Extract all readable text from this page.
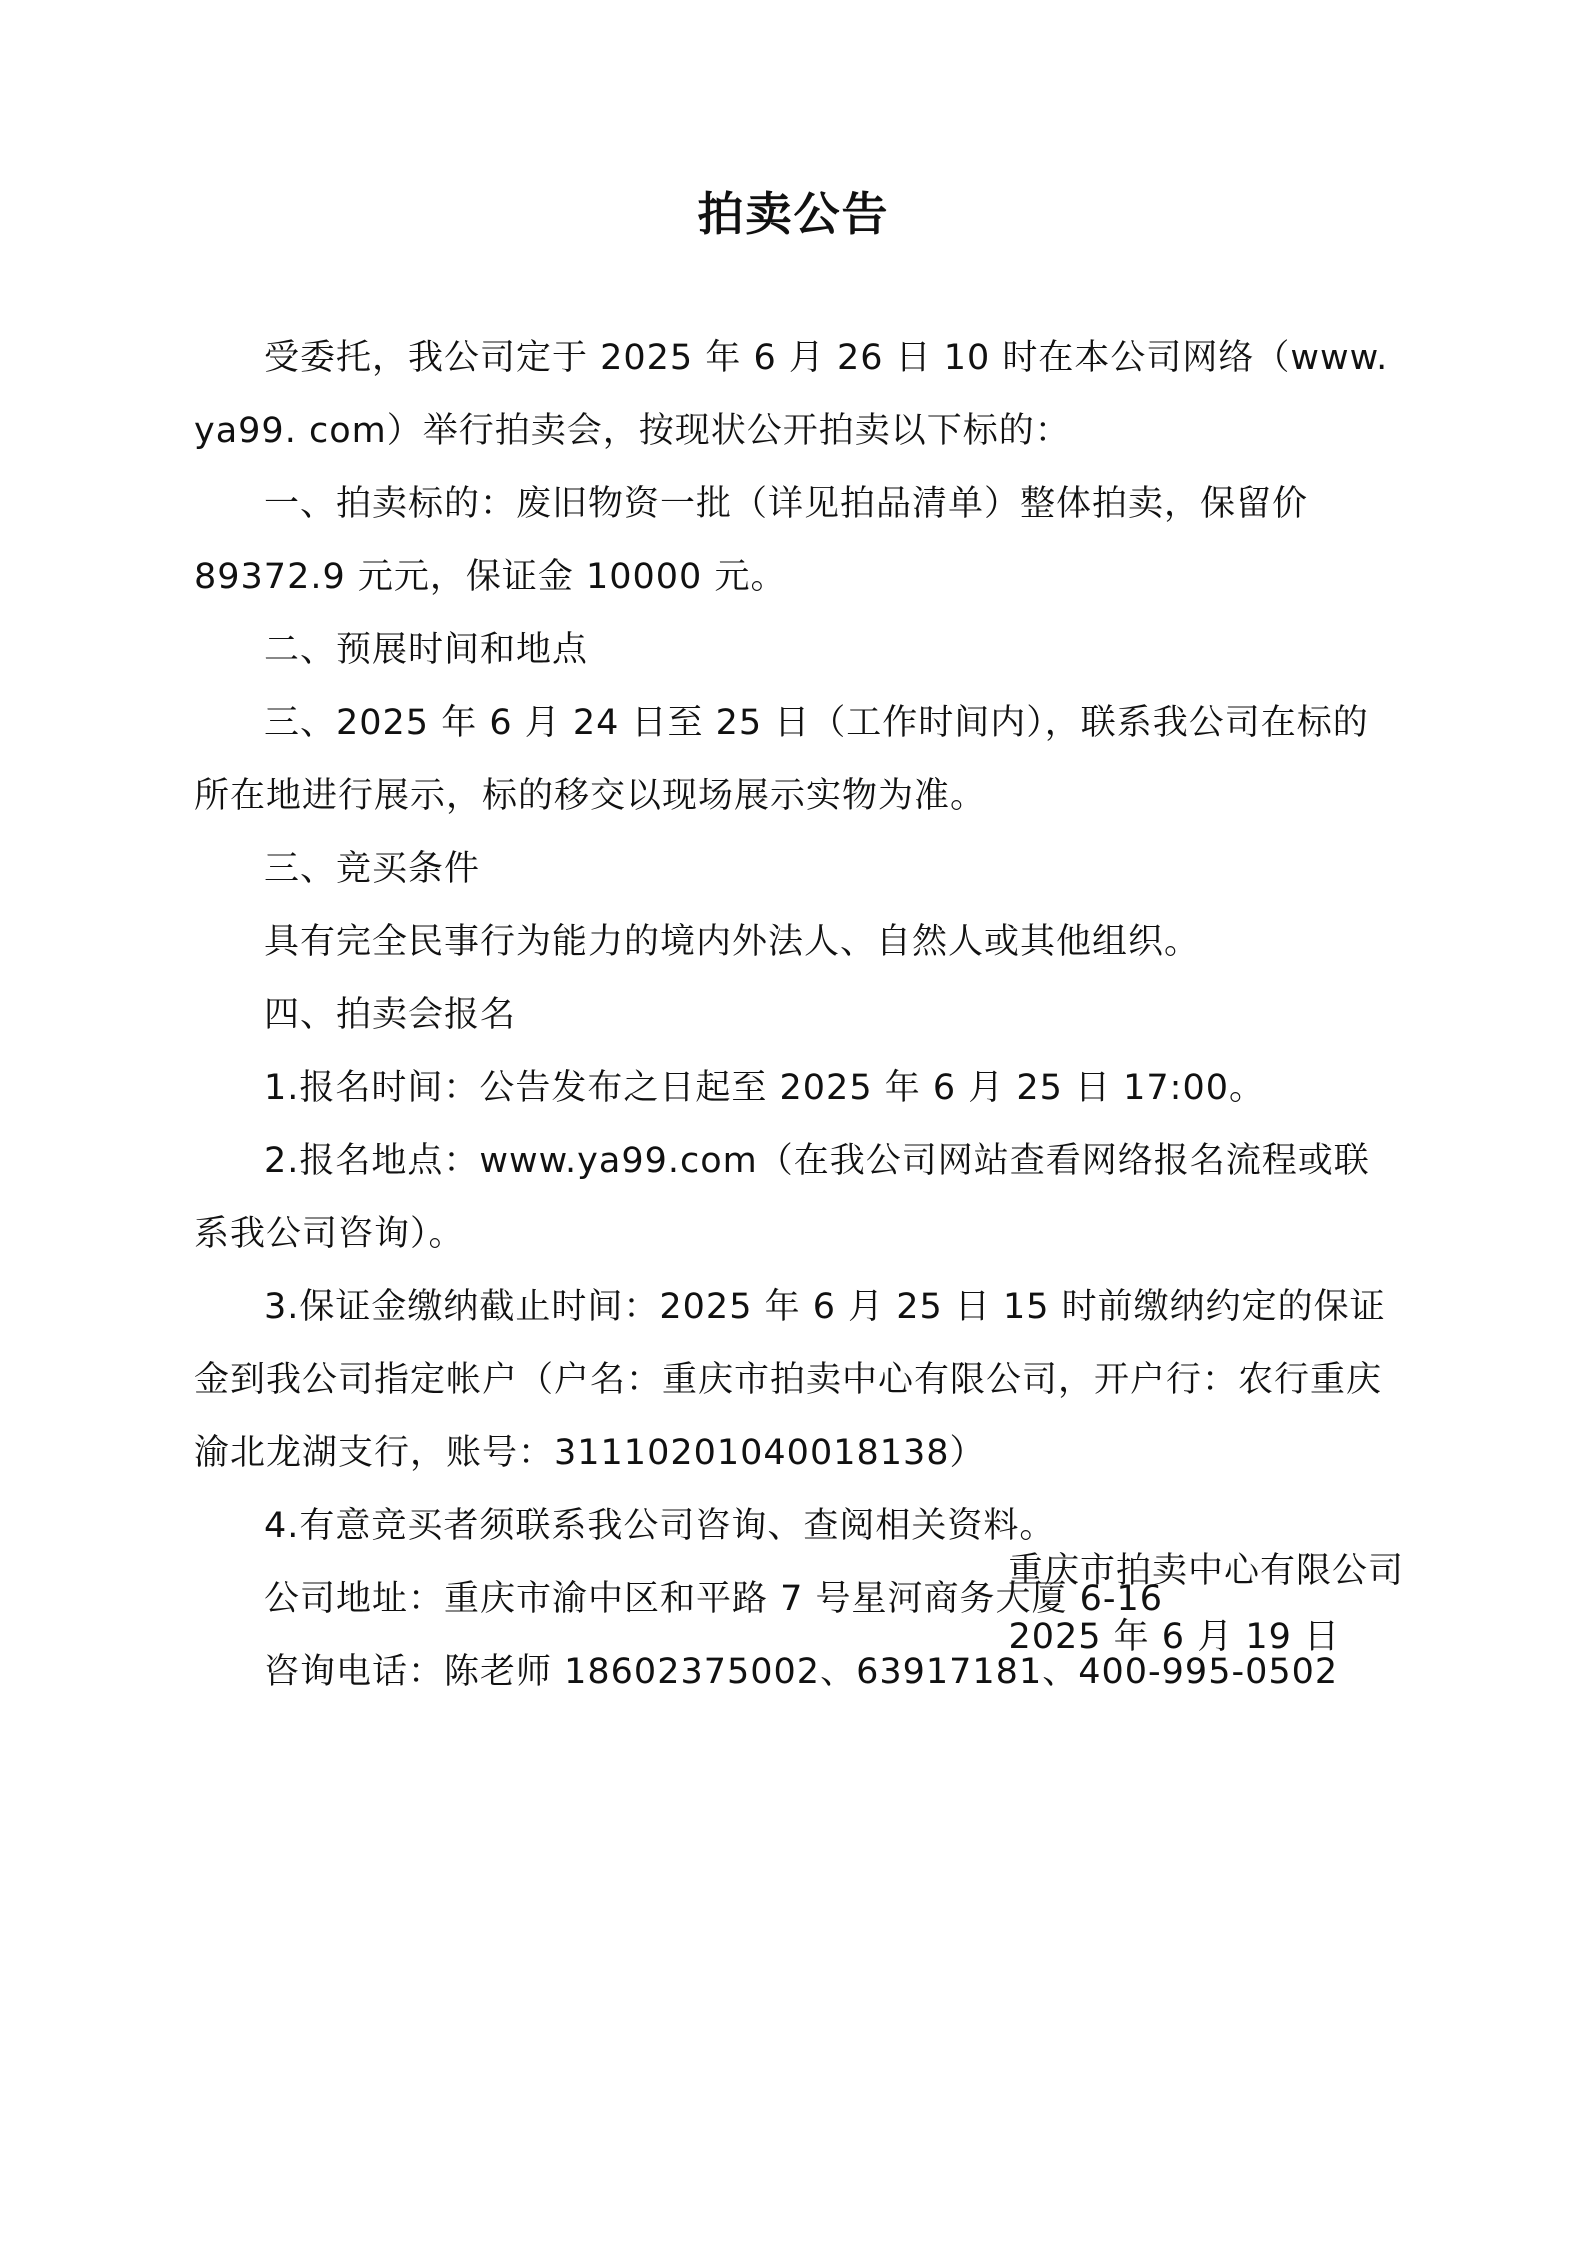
拍卖公告

受委托，我公司定于 2025 年 6 月 26 日 10 时在本公司网络（www. ya99. com）举行拍卖会，按现状公开拍卖以下标的：

一、拍卖标的：废旧物资一批（详见拍品清单）整体拍卖，保留价 89372.9 元元，保证金 10000 元。

二、预展时间和地点

三、2025 年 6 月 24 日至 25 日（工作时间内），联系我公司在标的所在地进行展示，标的移交以现场展示实物为准。

三、竞买条件

具有完全民事行为能力的境内外法人、自然人或其他组织。

四、拍卖会报名

1.报名时间：公告发布之日起至 2025 年 6 月 25 日 17:00。

2.报名地点：www.ya99.com（在我公司网站查看网络报名流程或联系我公司咨询）。

3.保证金缴纳截止时间：2025 年 6 月 25 日 15 时前缴纳约定的保证金到我公司指定帐户（户名：重庆市拍卖中心有限公司，开户行：农行重庆渝北龙湖支行，账号：31110201040018138）

4.有意竞买者须联系我公司咨询、查阅相关资料。

公司地址：重庆市渝中区和平路 7 号星河商务大厦 6-16

咨询电话：陈老师 18602375002、63917181、400-995-0502

重庆市拍卖中心有限公司
2025 年 6 月 19 日
